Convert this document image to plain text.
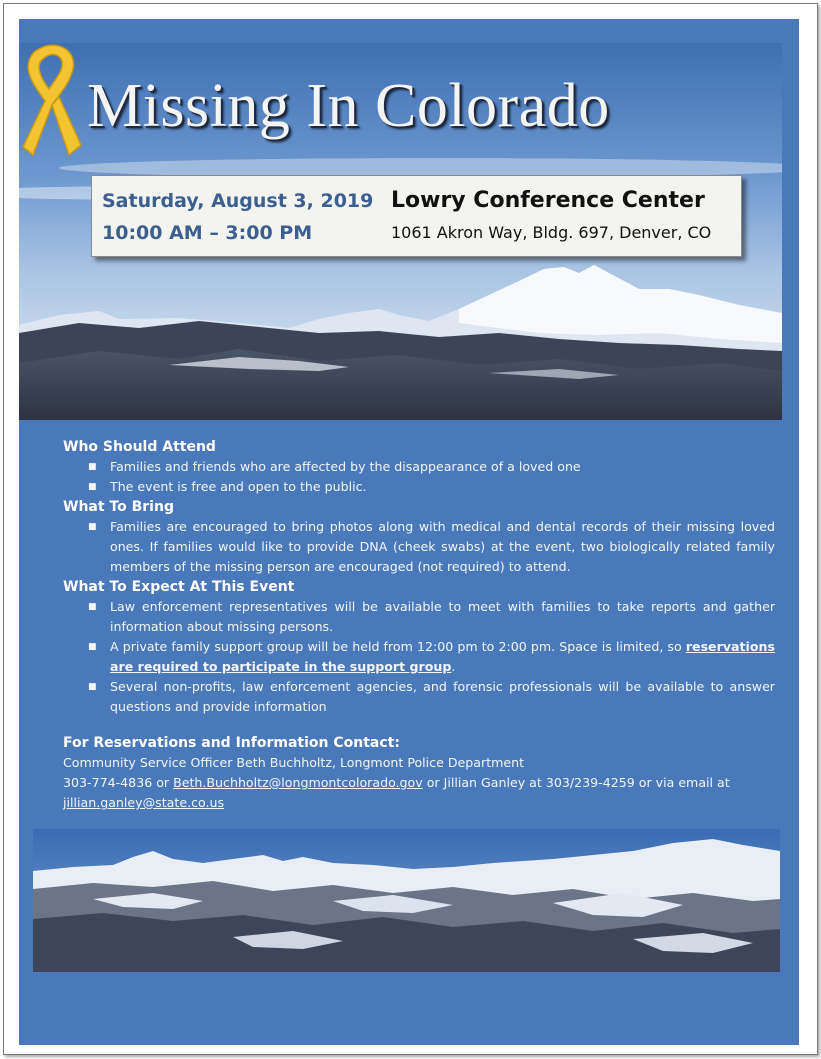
Missing In Colorado
Saturday, August 3, 2019
10:00 AM – 3:00 PM
Lowry Conference Center
1061 Akron Way, Bldg. 697, Denver, CO
Who Should Attend
■ Families and friends who are affected by the disappearance of a loved one
■ The event is free and open to the public.
What To Bring
■ Families are encouraged to bring photos along with medical and dental records of their missing loved ones. If families would like to provide DNA (cheek swabs) at the event, two biologically related family members of the missing person are encouraged (not required) to attend.
What To Expect At This Event
■ Law enforcement representatives will be available to meet with families to take reports and gather information about missing persons.
■ A private family support group will be held from 12:00 pm to 2:00 pm. Space is limited, so reservations are required to participate in the support group.
■ Several non-profits, law enforcement agencies, and forensic professionals will be available to answer questions and provide information
For Reservations and Information Contact:
Community Service Officer Beth Buchholtz, Longmont Police Department
303-774-4836 or Beth.Buchholtz@longmontcolorado.gov or Jillian Ganley at 303/239-4259 or via email at
jillian.ganley@state.co.us
